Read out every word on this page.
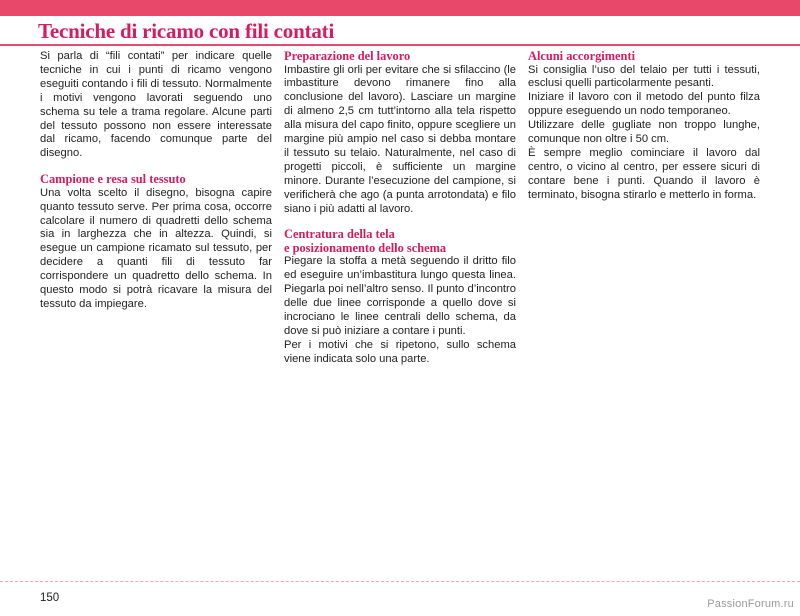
Tecniche di ricamo con fili contati

Si parla di “fili contati” per indicare quelle tecniche in cui i punti di ricamo vengono eseguiti contando i fili di tessuto. Normalmente i motivi vengono lavorati seguendo uno schema su tele a trama regolare. Alcune parti del tessuto possono non essere interessate dal ricamo, facendo comunque parte del disegno.

Campione e resa sul tessuto

Una volta scelto il disegno, bisogna capire quanto tessuto serve. Per prima cosa, occorre calcolare il numero di quadretti dello schema sia in larghezza che in altezza. Quindi, si esegue un campione ricamato sul tessuto, per decidere a quanti fili di tessuto far corrispondere un quadretto dello schema. In questo modo si potrà ricavare la misura del tessuto da impiegare.

Preparazione del lavoro

Imbastire gli orli per evitare che si sfilaccino (le imbastiture devono rimanere fino alla conclusione del lavoro). Lasciare un margine di almeno 2,5 cm tutt’intorno alla tela rispetto alla misura del capo finito, oppure scegliere un margine più ampio nel caso si debba montare il tessuto su telaio. Naturalmente, nel caso di progetti piccoli, è sufficiente un margine minore. Durante l’esecuzione del campione, si verificherà che ago (a punta arrotondata) e filo siano i più adatti al lavoro.

Centratura della tela
e posizionamento dello schema

Piegare la stoffa a metà seguendo il dritto filo ed eseguire un’imbastitura lungo questa linea. Piegarla poi nell’altro senso. Il punto d’incontro delle due linee corrisponde a quello dove si incrociano le linee centrali dello schema, da dove si può iniziare a contare i punti.

Per i motivi che si ripetono, sullo schema viene indicata solo una parte.

Alcuni accorgimenti

Si consiglia l’uso del telaio per tutti i tessuti, esclusi quelli particolarmente pesanti.

Iniziare il lavoro con il metodo del punto filza oppure eseguendo un nodo temporaneo.

Utilizzare delle gugliate non troppo lunghe, comunque non oltre i 50 cm.

È sempre meglio cominciare il lavoro dal centro, o vicino al centro, per essere sicuri di contare bene i punti. Quando il lavoro è terminato, bisogna stirarlo e metterlo in forma.

150	PassionForum.ru
